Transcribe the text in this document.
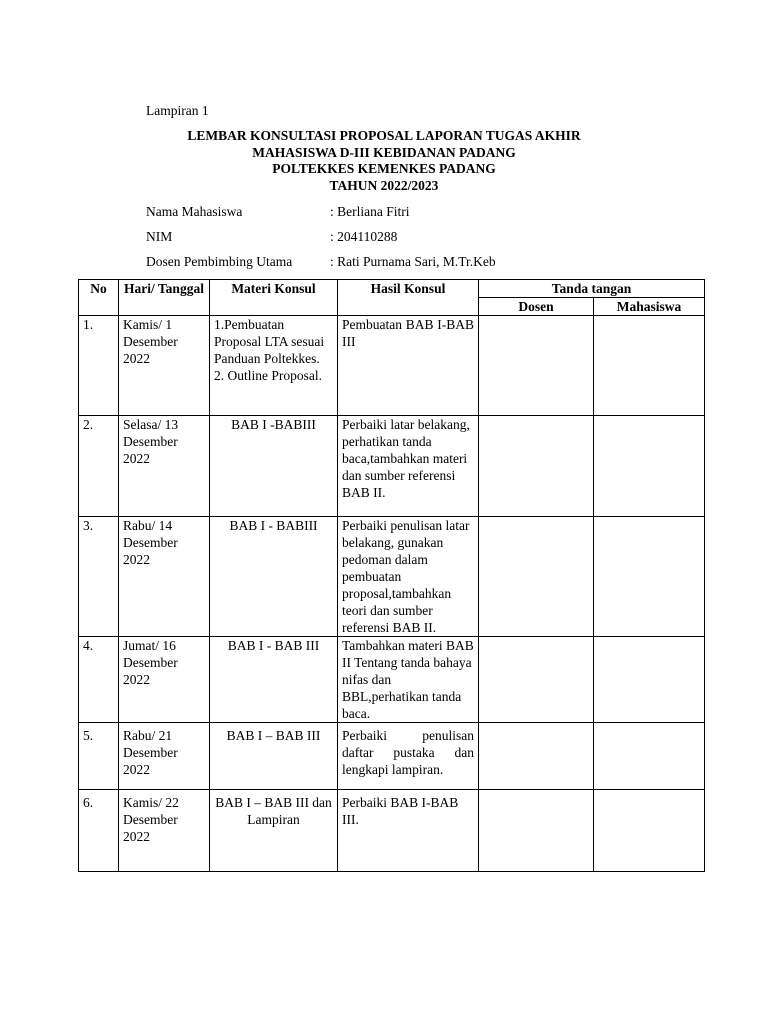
Lampiran 1
LEMBAR KONSULTASI PROPOSAL LAPORAN TUGAS AKHIR
MAHASISWA D-III KEBIDANAN PADANG
POLTEKKES KEMENKES PADANG
TAHUN 2022/2023
Nama Mahasiswa	: Berliana Fitri
NIM	: 204110288
Dosen Pembimbing Utama	: Rati Purnama Sari, M.Tr.Keb
No	Hari/ Tanggal	Materi Konsul	Hasil Konsul	Tanda tangan	
				Dosen	Mahasiswa
1.	Kamis/ 1 Desember 2022	1.Pembuatan Proposal LTA sesuai Panduan Poltekkes. 2. Outline Proposal.	Pembuatan BAB I-BAB III		
2.	Selasa/ 13 Desember 2022	BAB I -BABIII	Perbaiki latar belakang, perhatikan tanda baca,tambahkan materi dan sumber referensi BAB II.		
3.	Rabu/ 14 Desember 2022	BAB I - BABIII	Perbaiki penulisan latar belakang, gunakan pedoman dalam pembuatan proposal,tambahkan teori dan sumber referensi BAB II.		
4.	Jumat/ 16 Desember 2022	BAB I - BAB III	Tambahkan materi BAB II Tentang tanda bahaya nifas dan BBL,perhatikan tanda baca.		
5.	Rabu/ 21 Desember 2022	BAB I – BAB III	Perbaiki penulisan daftar pustaka dan lengkapi lampiran.		
6.	Kamis/ 22 Desember 2022	BAB I – BAB III dan Lampiran	Perbaiki BAB I-BAB III.		
